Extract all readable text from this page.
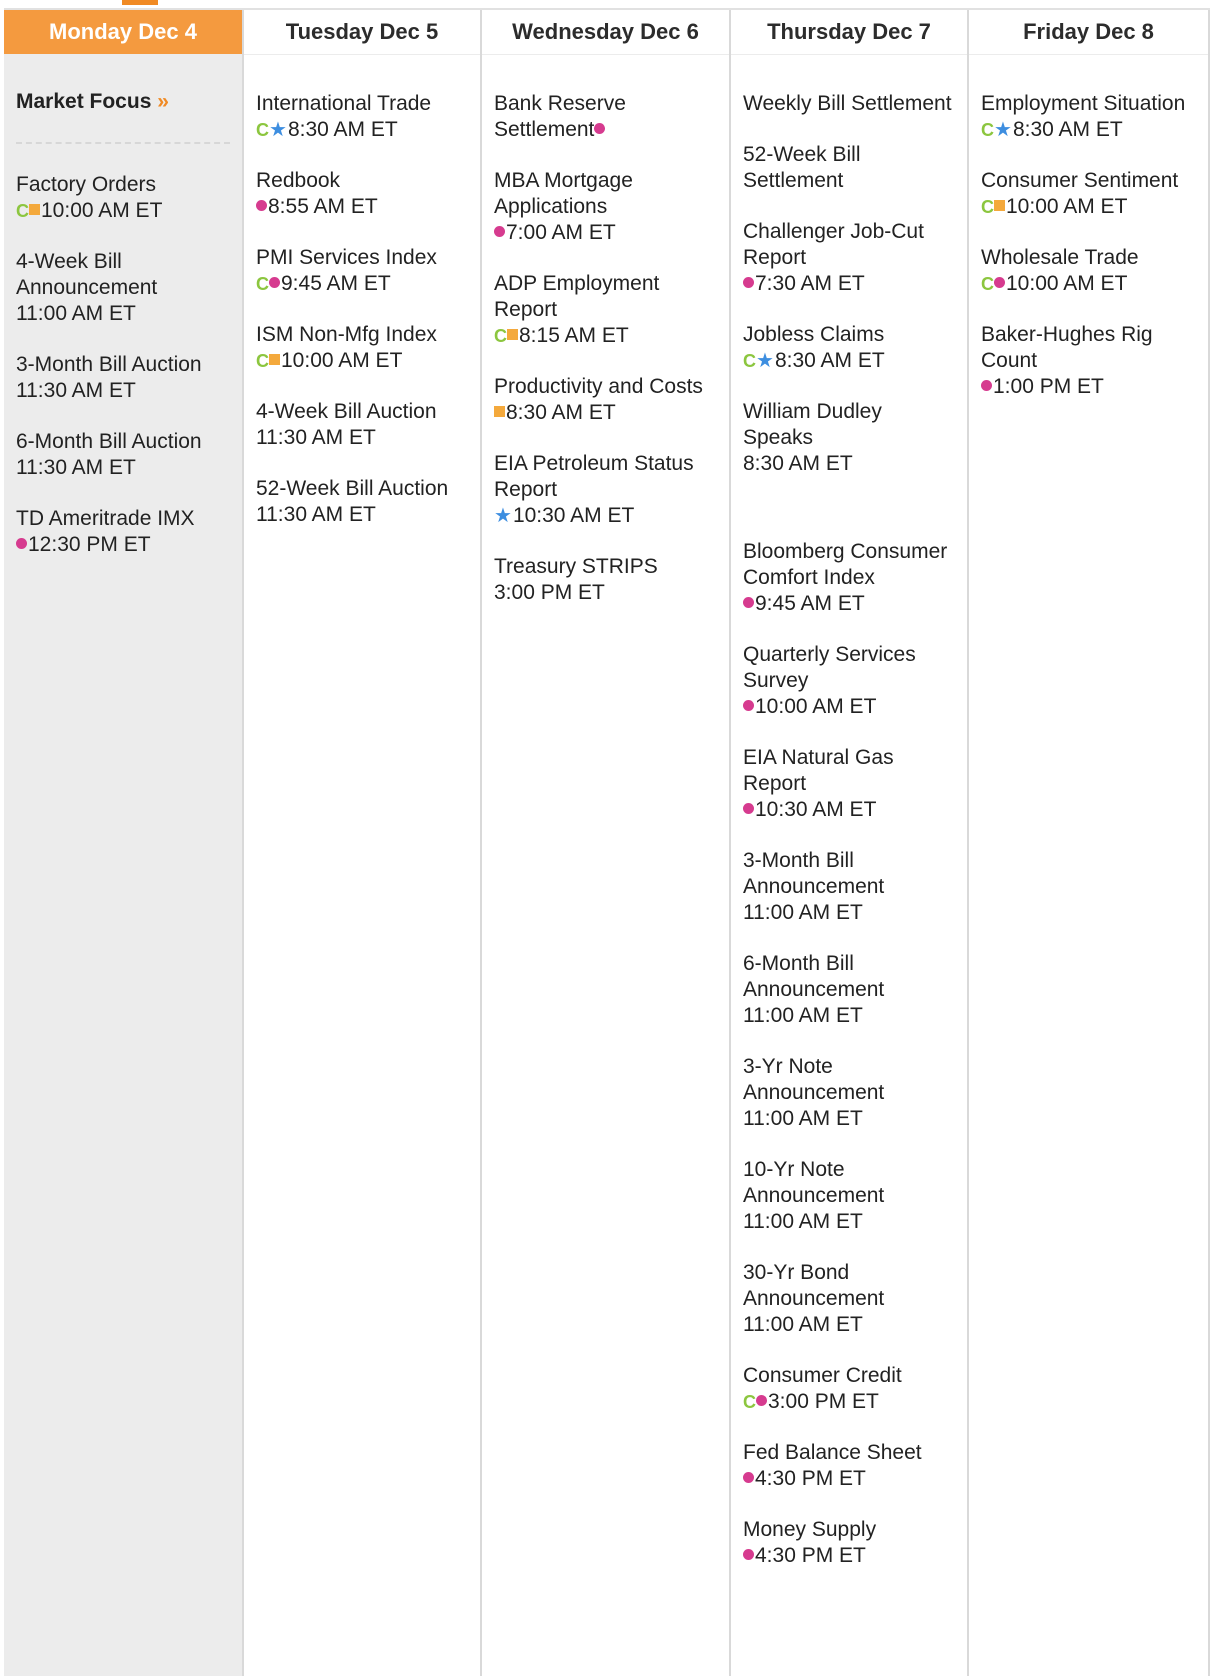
Monday Dec 4
Market Focus »
Factory Orders
C 10:00 AM ET
4-Week Bill Announcement
11:00 AM ET
3-Month Bill Auction
11:30 AM ET
6-Month Bill Auction
11:30 AM ET
TD Ameritrade IMX
12:30 PM ET
Tuesday Dec 5
International Trade
C★8:30 AM ET
Redbook
8:55 AM ET
PMI Services Index
C 9:45 AM ET
ISM Non-Mfg Index
C 10:00 AM ET
4-Week Bill Auction
11:30 AM ET
52-Week Bill Auction
11:30 AM ET
Wednesday Dec 6
Bank Reserve Settlement
MBA Mortgage Applications
7:00 AM ET
ADP Employment Report
C 8:15 AM ET
Productivity and Costs
8:30 AM ET
EIA Petroleum Status Report
★10:30 AM ET
Treasury STRIPS
3:00 PM ET
Thursday Dec 7
Weekly Bill Settlement
52-Week Bill Settlement
Challenger Job-Cut Report
7:30 AM ET
Jobless Claims
C★8:30 AM ET
William Dudley Speaks
8:30 AM ET
Bloomberg Consumer Comfort Index
9:45 AM ET
Quarterly Services Survey
10:00 AM ET
EIA Natural Gas Report
10:30 AM ET
3-Month Bill Announcement
11:00 AM ET
6-Month Bill Announcement
11:00 AM ET
3-Yr Note Announcement
11:00 AM ET
10-Yr Note Announcement
11:00 AM ET
30-Yr Bond Announcement
11:00 AM ET
Consumer Credit
C 3:00 PM ET
Fed Balance Sheet
4:30 PM ET
Money Supply
4:30 PM ET
Friday Dec 8
Employment Situation
C★8:30 AM ET
Consumer Sentiment
C 10:00 AM ET
Wholesale Trade
C 10:00 AM ET
Baker-Hughes Rig Count
1:00 PM ET
